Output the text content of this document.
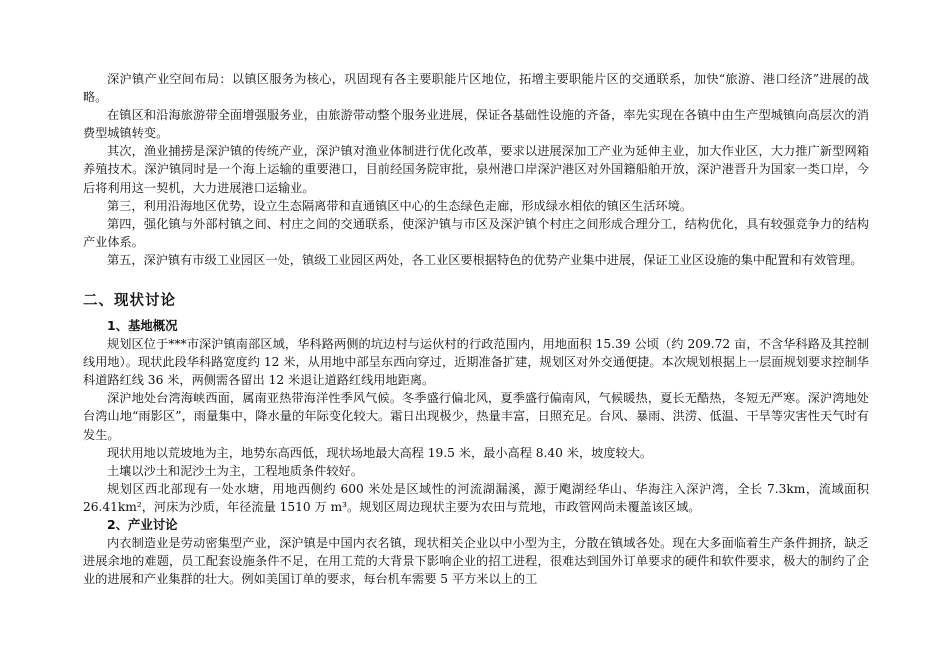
深沪镇产业空间布局：以镇区服务为核心，巩固现有各主要职能片区地位，拓增主要职能片区的交通联系，加快“旅游、港口经济”进展的战略。

在镇区和沿海旅游带全面增强服务业，由旅游带动整个服务业进展，保证各基础性设施的齐备，率先实现在各镇中由生产型城镇向高层次的消费型城镇转变。

其次，渔业捕捞是深沪镇的传统产业，深沪镇对渔业体制进行优化改革，要求以进展深加工产业为延伸主业，加大作业区，大力推广新型网箱养殖技术。深沪镇同时是一个海上运输的重要港口，目前经国务院审批，泉州港口岸深沪港区对外国籍船舶开放，深沪港晋升为国家一类口岸，今后将利用这一契机，大力进展港口运输业。

第三，利用沿海地区优势，设立生态隔离带和直通镇区中心的生态绿色走廊，形成绿水相依的镇区生活环境。

第四，强化镇与外部村镇之间、村庄之间的交通联系，使深沪镇与市区及深沪镇个村庄之间形成合理分工，结构优化，具有较强竞争力的结构产业体系。

第五，深沪镇有市级工业园区一处，镇级工业园区两处，各工业区要根据特色的优势产业集中进展，保证工业区设施的集中配置和有效管理。

二、现状讨论
1、基地概况

规划区位于***市深沪镇南部区域，华科路两侧的坑边村与运伙村的行政范围内，用地面积 15.39 公顷（约 209.72 亩，不含华科路及其控制线用地）。现状此段华科路宽度约 12 米，从用地中部呈东西向穿过，近期准备扩建，规划区对外交通便捷。本次规划根据上一层面规划要求控制华科道路红线 36 米，两侧需各留出 12 米退让道路红线用地距离。

深沪地处台湾海峡西面，属南亚热带海洋性季风气候。冬季盛行偏北风，夏季盛行偏南风，气候暖热，夏长无酷热，冬短无严寒。深沪湾地处台湾山地“雨影区”，雨量集中，降水量的年际变化较大。霜日出现极少，热量丰富，日照充足。台风、暴雨、洪涝、低温、干旱等灾害性天气时有发生。

现状用地以荒坡地为主，地势东高西低，现状场地最大高程 19.5 米，最小高程 8.40 米，坡度较大。

土壤以沙土和泥沙土为主，工程地质条件较好。

规划区西北部现有一处水塘，用地西侧约 600 米处是区域性的河流湖漏溪，源于飑湖经华山、华海注入深沪湾，全长 7.3km，流域面积 26.41km²，河床为沙质，年径流量 1510 万 m³。规划区周边现状主要为农田与荒地，市政管网尚未覆盖该区域。

2、产业讨论

内衣制造业是劳动密集型产业，深沪镇是中国内衣名镇，现状相关企业以中小型为主，分散在镇域各处。现在大多面临着生产条件拥挤，缺乏进展余地的难题，员工配套设施条件不足，在用工荒的大背景下影响企业的招工进程，很难达到国外订单要求的硬件和软件要求，极大的制约了企业的进展和产业集群的壮大。例如美国订单的要求，每台机车需要 5 平方米以上的工
